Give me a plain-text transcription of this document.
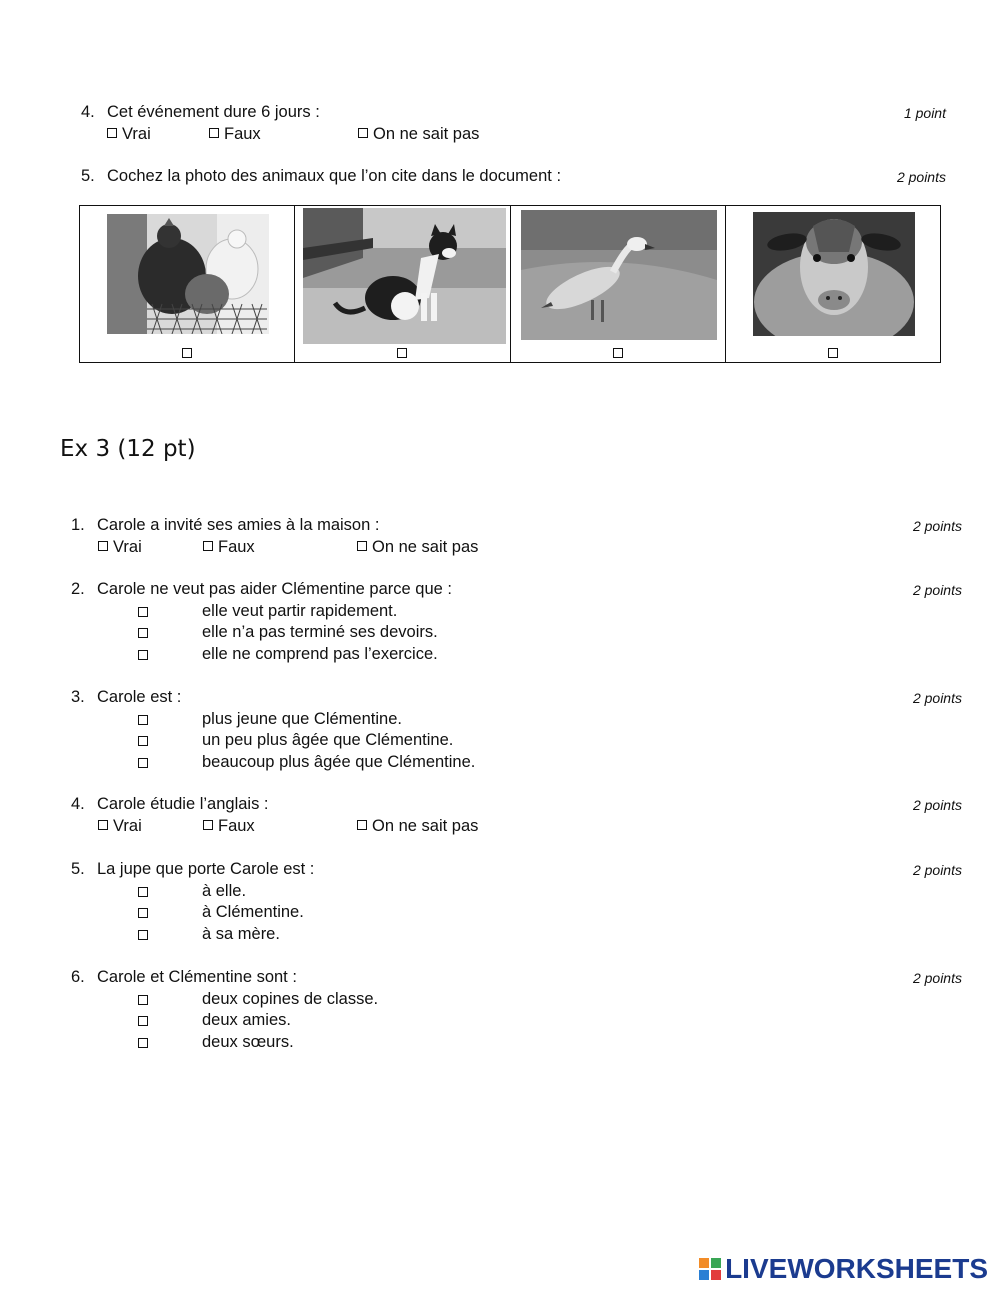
4. Cet événement dure 6 jours :
Vrai	Faux	On ne sait pas
1 point
5. Cochez la photo des animaux que l’on cite dans le document :	2 points
Ex 3 (12 pt)
1. Carole a invité ses amies à la maison :
Vrai	Faux	On ne sait pas
2 points
2. Carole ne veut pas aider Clémentine parce que :
elle veut partir rapidement.
elle n’a pas terminé ses devoirs.
elle ne comprend pas l’exercice.
2 points
3. Carole est :
plus jeune que Clémentine.
un peu plus âgée que Clémentine.
beaucoup plus âgée que Clémentine.
2 points
4. Carole étudie l’anglais :
Vrai	Faux	On ne sait pas
2 points
5. La jupe que porte Carole est :
à elle.
à Clémentine.
à sa mère.
2 points
6. Carole et Clémentine sont :
deux copines de classe.
deux amies.
deux sœurs.
2 points
LIVEWORKSHEETS
